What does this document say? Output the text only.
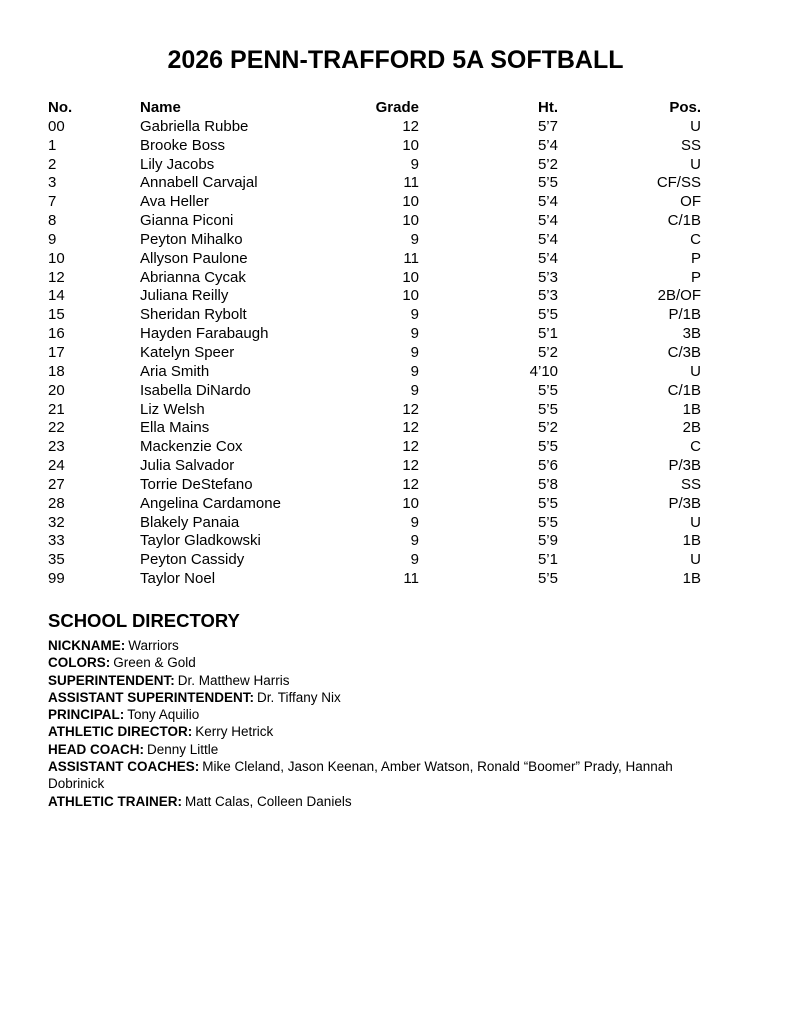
2026 PENN-TRAFFORD 5A SOFTBALL
No.	Name	Grade	Ht.	Pos.
00	Gabriella Rubbe	12	5’7	U
1	Brooke Boss	10	5’4	SS
2	Lily Jacobs	9	5’2	U
3	Annabell Carvajal	11	5’5	CF/SS
7	Ava Heller	10	5’4	OF
8	Gianna Piconi	10	5’4	C/1B
9	Peyton Mihalko	9	5’4	C
10	Allyson Paulone	11	5’4	P
12	Abrianna Cycak	10	5’3	P
14	Juliana Reilly	10	5’3	2B/OF
15	Sheridan Rybolt	9	5’5	P/1B
16	Hayden Farabaugh	9	5’1	3B
17	Katelyn Speer	9	5’2	C/3B
18	Aria Smith	9	4’10	U
20	Isabella DiNardo	9	5’5	C/1B
21	Liz Welsh	12	5’5	1B
22	Ella Mains	12	5’2	2B
23	Mackenzie Cox	12	5’5	C
24	Julia Salvador	12	5’6	P/3B
27	Torrie DeStefano	12	5’8	SS
28	Angelina Cardamone	10	5’5	P/3B
32	Blakely Panaia	9	5’5	U
33	Taylor Gladkowski	9	5’9	1B
35	Peyton Cassidy	9	5’1	U
99	Taylor Noel	11	5’5	1B
SCHOOL DIRECTORY
NICKNAME: Warriors
COLORS: Green & Gold
SUPERINTENDENT: Dr. Matthew Harris
ASSISTANT SUPERINTENDENT: Dr. Tiffany Nix
PRINCIPAL: Tony Aquilio
ATHLETIC DIRECTOR: Kerry Hetrick
HEAD COACH: Denny Little
ASSISTANT COACHES: Mike Cleland, Jason Keenan, Amber Watson, Ronald “Boomer” Prady, Hannah Dobrinick
ATHLETIC TRAINER: Matt Calas, Colleen Daniels
